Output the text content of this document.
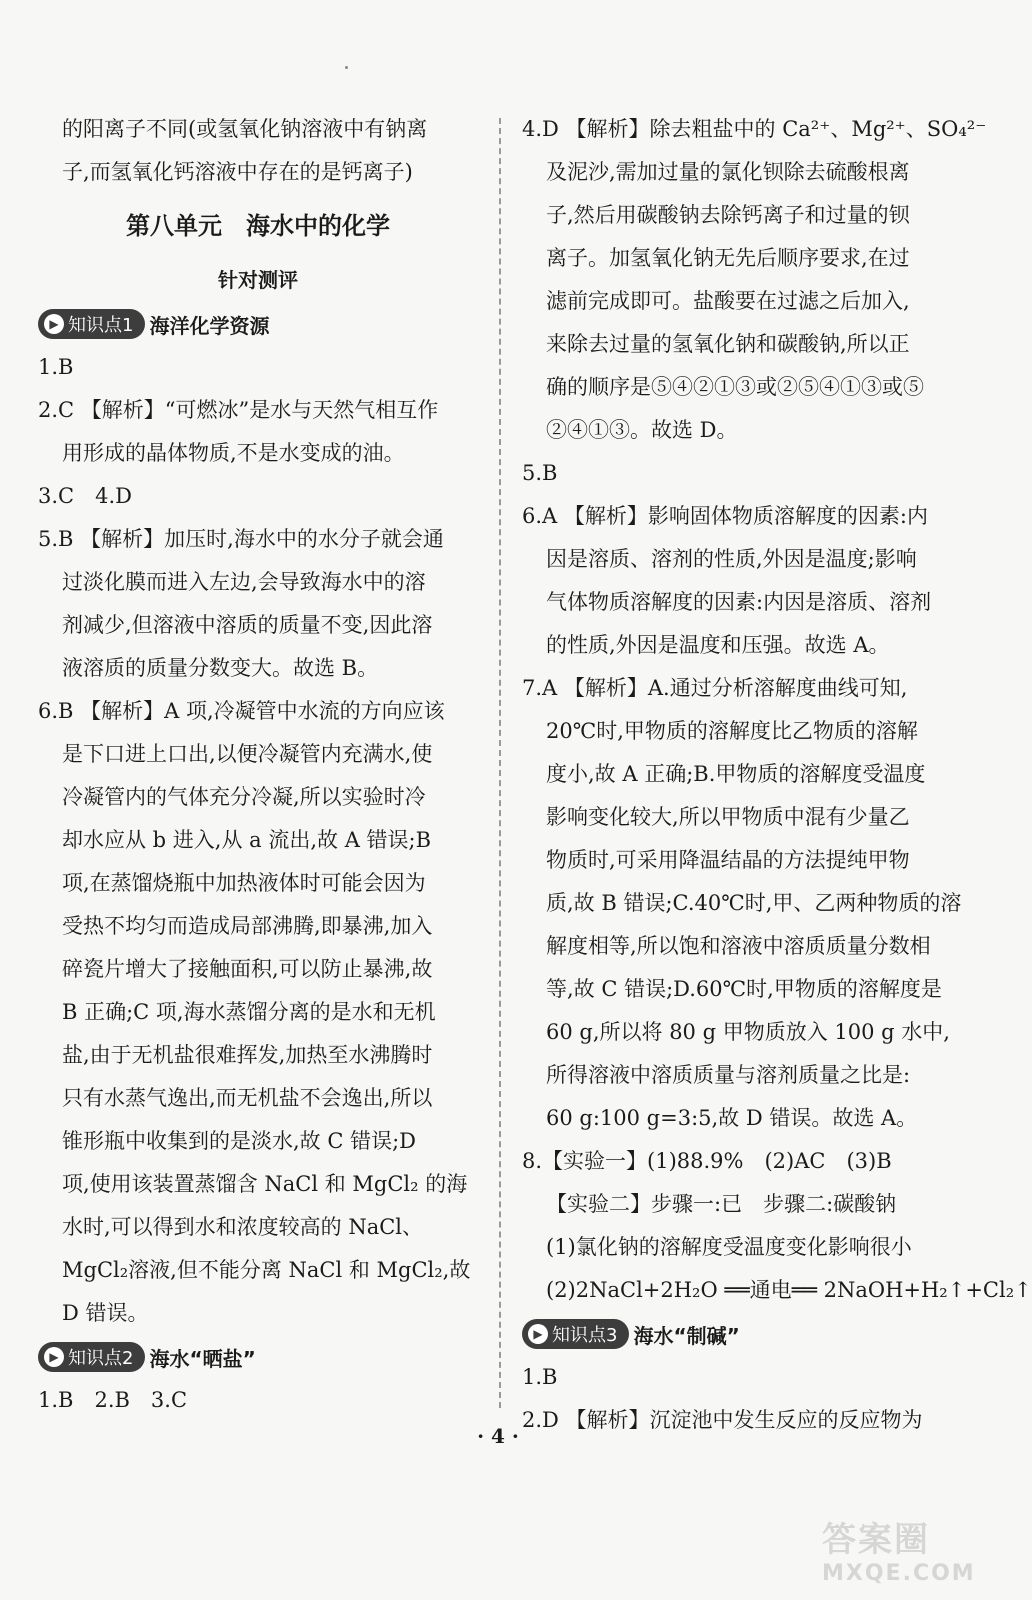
的阳离子不同(或氢氧化钠溶液中有钠离
子,而氢氧化钙溶液中存在的是钙离子)
第八单元　海水中的化学
针对测评
▶ 知识点1 海洋化学资源
1.B
2.C 【解析】“可燃冰”是水与天然气相互作
用形成的晶体物质,不是水变成的油。
3.C　4.D
5.B 【解析】加压时,海水中的水分子就会通
过淡化膜而进入左边,会导致海水中的溶
剂减少,但溶液中溶质的质量不变,因此溶
液溶质的质量分数变大。故选 B。
6.B 【解析】A 项,冷凝管中水流的方向应该
是下口进上口出,以便冷凝管内充满水,使
冷凝管内的气体充分冷凝,所以实验时冷
却水应从 b 进入,从 a 流出,故 A 错误;B
项,在蒸馏烧瓶中加热液体时可能会因为
受热不均匀而造成局部沸腾,即暴沸,加入
碎瓷片增大了接触面积,可以防止暴沸,故
B 正确;C 项,海水蒸馏分离的是水和无机
盐,由于无机盐很难挥发,加热至水沸腾时
只有水蒸气逸出,而无机盐不会逸出,所以
锥形瓶中收集到的是淡水,故 C 错误;D
项,使用该装置蒸馏含 NaCl 和 MgCl₂ 的海
水时,可以得到水和浓度较高的 NaCl、
MgCl₂溶液,但不能分离 NaCl 和 MgCl₂,故
D 错误。
▶ 知识点2 海水“晒盐”
1.B　2.B　3.C
4.D 【解析】除去粗盐中的 Ca²⁺、Mg²⁺、SO₄²⁻
及泥沙,需加过量的氯化钡除去硫酸根离
子,然后用碳酸钠去除钙离子和过量的钡
离子。加氢氧化钠无先后顺序要求,在过
滤前完成即可。盐酸要在过滤之后加入,
来除去过量的氢氧化钠和碳酸钠,所以正
确的顺序是⑤④②①③或②⑤④①③或⑤
②④①③。故选 D。
5.B
6.A 【解析】影响固体物质溶解度的因素:内
因是溶质、溶剂的性质,外因是温度;影响
气体物质溶解度的因素:内因是溶质、溶剂
的性质,外因是温度和压强。故选 A。
7.A 【解析】A.通过分析溶解度曲线可知,
20℃时,甲物质的溶解度比乙物质的溶解
度小,故 A 正确;B.甲物质的溶解度受温度
影响变化较大,所以甲物质中混有少量乙
物质时,可采用降温结晶的方法提纯甲物
质,故 B 错误;C.40℃时,甲、乙两种物质的溶
解度相等,所以饱和溶液中溶质质量分数相
等,故 C 错误;D.60℃时,甲物质的溶解度是
60 g,所以将 80 g 甲物质放入 100 g 水中,
所得溶液中溶质质量与溶剂质量之比是:
60 g:100 g=3:5,故 D 错误。故选 A。
8.【实验一】(1)88.9%　(2)AC　(3)B
【实验二】步骤一:已　步骤二:碳酸钠
(1)氯化钠的溶解度受温度变化影响很小
(2)2NaCl+2H₂O ══通电══ 2NaOH+H₂↑+Cl₂↑
▶ 知识点3 海水“制碱”
1.B
2.D 【解析】沉淀池中发生反应的反应物为
· 4 ·
答案圈
MXQE.COM
